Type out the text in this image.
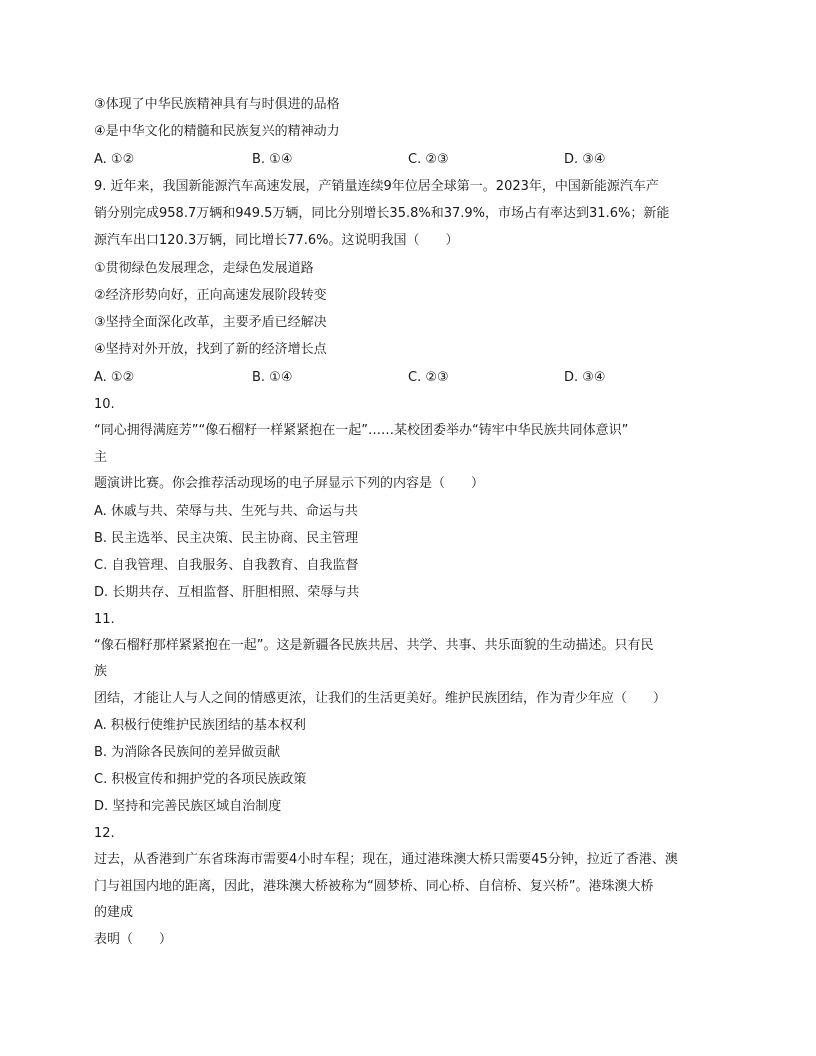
③体现了中华民族精神具有与时俱进的品格
④是中华文化的精髓和民族复兴的精神动力
A. ①②	B. ①④	C. ②③	D. ③④
9. 近年来，我国新能源汽车高速发展，产销量连续9年位居全球第一。2023年，中国新能源汽车产
销分别完成958.7万辆和949.5万辆，同比分别增长35.8%和37.9%，市场占有率达到31.6%；新能
源汽车出口120.3万辆，同比增长77.6%。这说明我国（　　）
①贯彻绿色发展理念，走绿色发展道路
②经济形势向好，正向高速发展阶段转变
③坚持全面深化改革，主要矛盾已经解决
④坚持对外开放，找到了新的经济增长点
A. ①②	B. ①④	C. ②③	D. ③④
10.
“同心拥得满庭芳”“像石榴籽一样紧紧抱在一起”……某校团委举办“铸牢中华民族共同体意识”
主
题演讲比赛。你会推荐活动现场的电子屏显示下列的内容是（　　）
A. 休戚与共、荣辱与共、生死与共、命运与共
B. 民主选举、民主决策、民主协商、民主管理
C. 自我管理、自我服务、自我教育、自我监督
D. 长期共存、互相监督、肝胆相照、荣辱与共
11.
“像石榴籽那样紧紧抱在一起”。这是新疆各民族共居、共学、共事、共乐面貌的生动描述。只有民
族
团结，才能让人与人之间的情感更浓，让我们的生活更美好。维护民族团结，作为青少年应（　　）
A. 积极行使维护民族团结的基本权利
B. 为消除各民族间的差异做贡献
C. 积极宣传和拥护党的各项民族政策
D. 坚持和完善民族区域自治制度
12.
过去，从香港到广东省珠海市需要4小时车程；现在，通过港珠澳大桥只需要45分钟，拉近了香港、澳
门与祖国内地的距离，因此，港珠澳大桥被称为“圆梦桥、同心桥、自信桥、复兴桥”。港珠澳大桥
的建成
表明（　　）
